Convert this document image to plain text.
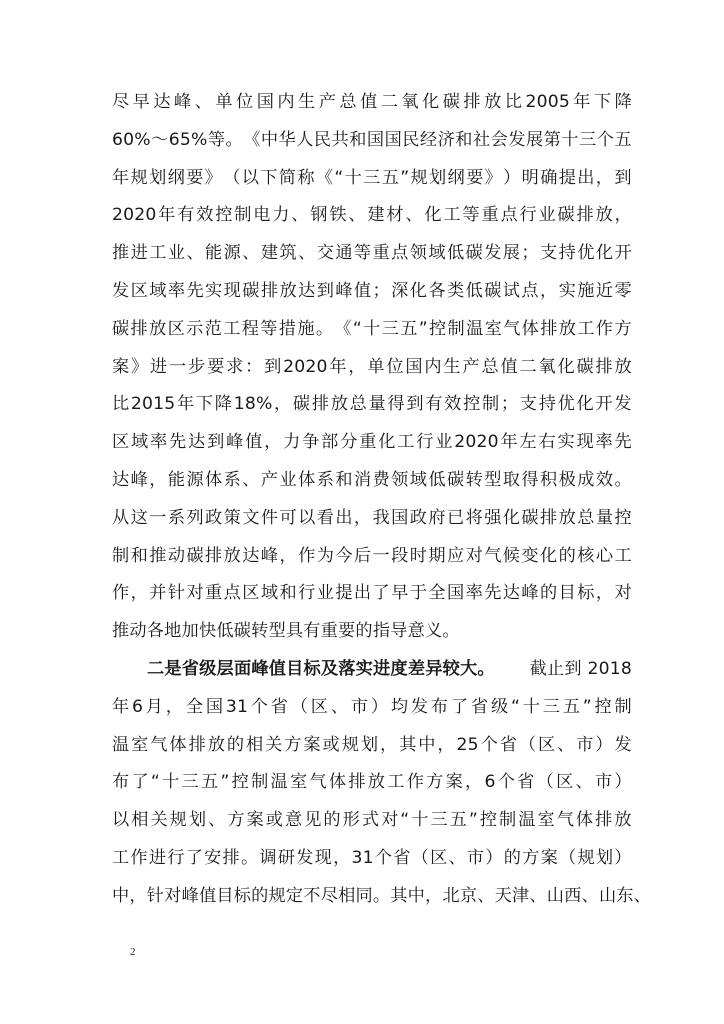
尽 早 达 峰 、 单 位 国 内 生 产 总 值 二 氧 化 碳 排 放 比 2005 年 下 降
60% ～ 65% 等 。 《 中 华 人 民 共 和 国 国 民 经 济 和 社 会 发 展 第 十 三 个 五
年 规 划 纲 要 》 （ 以 下 简 称 《 “ 十 三 五 ” 规 划 纲 要 》 ） 明 确 提 出 ， 到
2020 年 有 效 控 制 电 力 、 钢 铁 、 建 材 、 化 工 等 重 点 行 业 碳 排 放 ，
推 进 工 业 、 能 源 、 建 筑 、 交 通 等 重 点 领 域 低 碳 发 展 ； 支 持 优 化 开
发 区 域 率 先 实 现 碳 排 放 达 到 峰 值 ； 深 化 各 类 低 碳 试 点 ， 实 施 近 零
碳 排 放 区 示 范 工 程 等 措 施 。 《 “ 十 三 五 ” 控 制 温 室 气 体 排 放 工 作 方
案 》 进 一 步 要 求 ： 到 2020 年 ， 单 位 国 内 生 产 总 值 二 氧 化 碳 排 放
比 2015 年 下 降 18% ， 碳 排 放 总 量 得 到 有 效 控 制 ； 支 持 优 化 开 发
区 域 率 先 达 到 峰 值 ， 力 争 部 分 重 化 工 行 业 2020 年 左 右 实 现 率 先
达 峰 ， 能 源 体 系 、 产 业 体 系 和 消 费 领 域 低 碳 转 型 取 得 积 极 成 效 。
从 这 一 系 列 政 策 文 件 可 以 看 出 ， 我 国 政 府 已 将 强 化 碳 排 放 总 量 控
制 和 推 动 碳 排 放 达 峰 ， 作 为 今 后 一 段 时 期 应 对 气 候 变 化 的 核 心 工
作 ， 并 针 对 重 点 区 域 和 行 业 提 出 了 早 于 全 国 率 先 达 峰 的 目 标 ， 对
推动各地加快低碳转型具有重要的指导意义。
二是省级层面峰值目标及落实进度差异较大。 截止到 2018
年 6 月 ， 全 国 31 个 省 （ 区 、 市 ） 均 发 布 了 省 级 “ 十 三 五 ” 控 制
温 室 气 体 排 放 的 相 关 方 案 或 规 划 ， 其 中 ， 25 个 省 （ 区 、 市 ） 发
布 了 “ 十 三 五 ” 控 制 温 室 气 体 排 放 工 作 方 案 ， 6 个 省 （ 区 、 市 ）
以 相 关 规 划 、 方 案 或 意 见 的 形 式 对 “ 十 三 五 ” 控 制 温 室 气 体 排 放
工 作 进 行 了 安 排 。 调 研 发 现 ， 31 个 省 （ 区 、 市 ） 的 方 案 （ 规 划 ）
中 ， 针 对 峰 值 目 标 的 规 定 不 尽 相 同 。 其 中 ， 北 京 、 天 津 、 山 西 、 山 东 、
2
